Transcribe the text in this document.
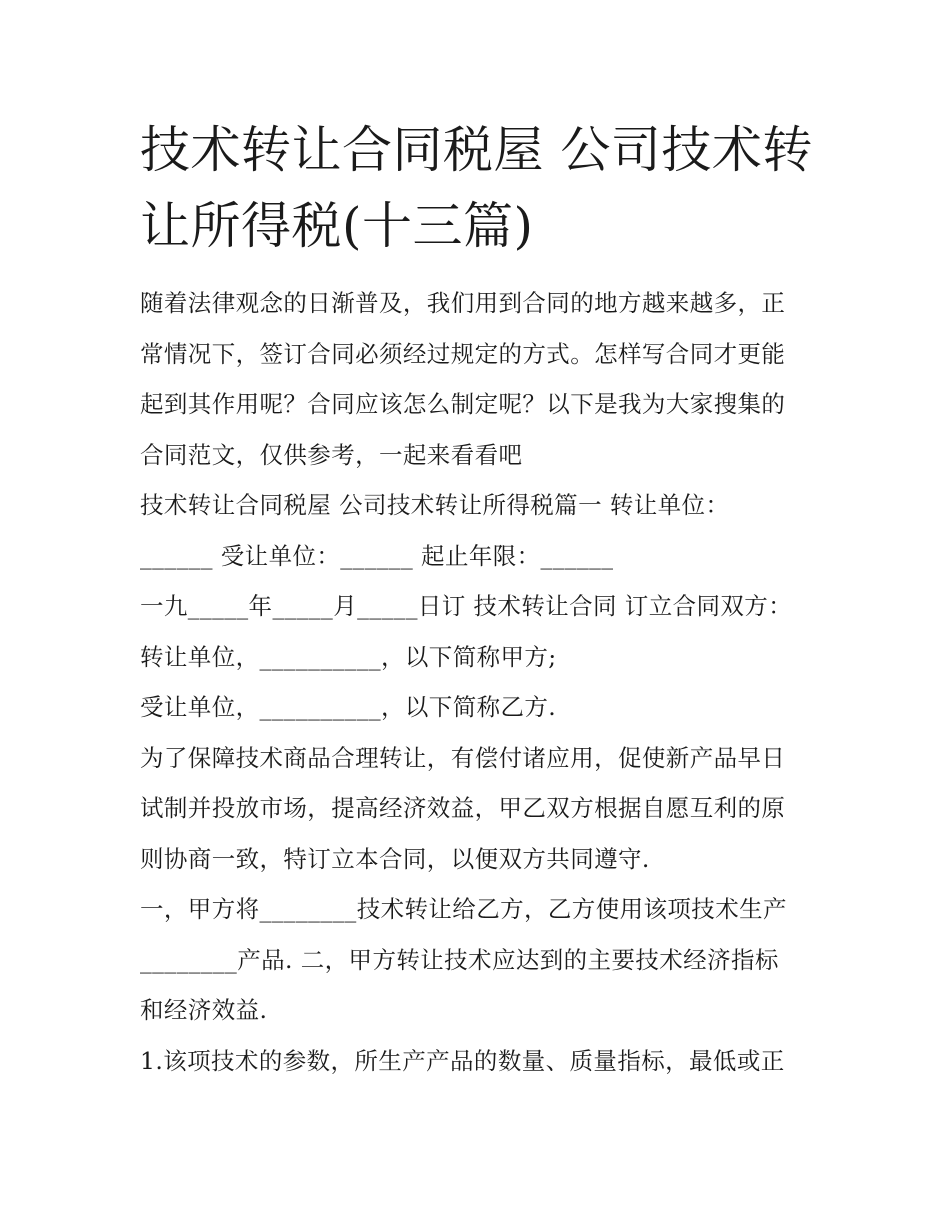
技术转让合同税屋 公司技术转
让所得税(十三篇)

随着法律观念的日渐普及，我们用到合同的地方越来越多，正

常情况下，签订合同必须经过规定的方式。怎样写合同才更能

起到其作用呢？合同应该怎么制定呢？以下是我为大家搜集的

合同范文，仅供参考，一起来看看吧

技术转让合同税屋 公司技术转让所得税篇一 转让单位：

______ 受让单位：______ 起止年限：______

一九_____年_____月_____日订 技术转让合同 订立合同双方：

转让单位，__________，以下简称甲方;

受让单位，__________，以下简称乙方.

为了保障技术商品合理转让，有偿付诸应用，促使新产品早日

试制并投放市场，提高经济效益，甲乙双方根据自愿互利的原

则协商一致，特订立本合同，以便双方共同遵守.

一，甲方将________技术转让给乙方，乙方使用该项技术生产

________产品. 二，甲方转让技术应达到的主要技术经济指标

和经济效益.

1.该项技术的参数，所生产产品的数量、质量指标，最低或正
